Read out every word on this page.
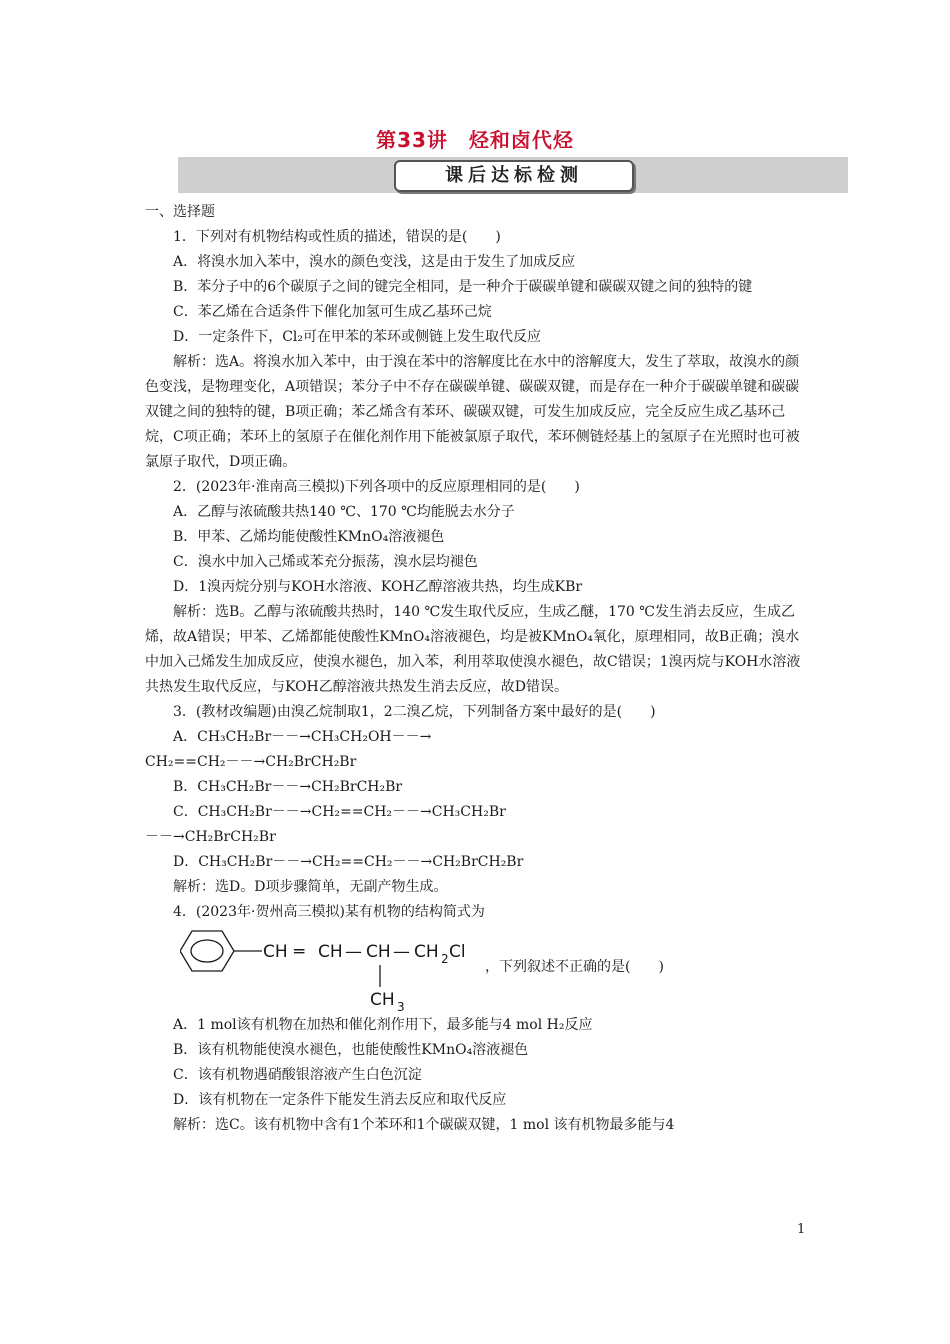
第33讲　烃和卤代烃
课后达标检测

一、选择题

1．下列对有机物结构或性质的描述，错误的是(　　)

A．将溴水加入苯中，溴水的颜色变浅，这是由于发生了加成反应

B．苯分子中的6个碳原子之间的键完全相同，是一种介于碳碳单键和碳碳双键之间的独特的键

C．苯乙烯在合适条件下催化加氢可生成乙基环己烷

D．一定条件下，Cl₂可在甲苯的苯环或侧链上发生取代反应

解析：选A。将溴水加入苯中，由于溴在苯中的溶解度比在水中的溶解度大，发生了萃取，故溴水的颜色变浅，是物理变化，A项错误；苯分子中不存在碳碳单键、碳碳双键，而是存在一种介于碳碳单键和碳碳双键之间的独特的键，B项正确；苯乙烯含有苯环、碳碳双键，可发生加成反应，完全反应生成乙基环己烷，C项正确；苯环上的氢原子在催化剂作用下能被氯原子取代，苯环侧链烃基上的氢原子在光照时也可被氯原子取代，D项正确。

2．(2023年·淮南高三模拟)下列各项中的反应原理相同的是(　　)

A．乙醇与浓硫酸共热140 ℃、170 ℃均能脱去水分子

B．甲苯、乙烯均能使酸性KMnO₄溶液褪色

C．溴水中加入己烯或苯充分振荡，溴水层均褪色

D．1溴丙烷分别与KOH水溶液、KOH乙醇溶液共热，均生成KBr

解析：选B。乙醇与浓硫酸共热时，140 ℃发生取代反应，生成乙醚，170 ℃发生消去反应，生成乙烯，故A错误；甲苯、乙烯都能使酸性KMnO₄溶液褪色，均是被KMnO₄氧化，原理相同，故B正确；溴水中加入己烯发生加成反应，使溴水褪色，加入苯，利用萃取使溴水褪色，故C错误；1溴丙烷与KOH水溶液共热发生取代反应，与KOH乙醇溶液共热发生消去反应，故D错误。

3．(教材改编题)由溴乙烷制取1，2二溴乙烷，下列制备方案中最好的是(　　)

A．CH₃CH₂Br－－→CH₃CH₂OH－－→

CH₂==CH₂－－→CH₂BrCH₂Br

B．CH₃CH₂Br－－→CH₂BrCH₂Br

C．CH₃CH₂Br－－→CH₂==CH₂－－→CH₃CH₂Br

－－→CH₂BrCH₂Br

D．CH₃CH₂Br－－→CH₂==CH₂－－→CH₂BrCH₂Br

解析：选D。D项步骤简单，无副产物生成。

4．(2023年·贺州高三模拟)某有机物的结构简式为

CH ═ CH — CH — CH 2 Cl
CH 3
，下列叙述不正确的是(　　)

A．1 mol该有机物在加热和催化剂作用下，最多能与4 mol H₂反应

B．该有机物能使溴水褪色，也能使酸性KMnO₄溶液褪色

C．该有机物遇硝酸银溶液产生白色沉淀

D．该有机物在一定条件下能发生消去反应和取代反应

解析：选C。该有机物中含有1个苯环和1个碳碳双键，1 mol 该有机物最多能与4

1
